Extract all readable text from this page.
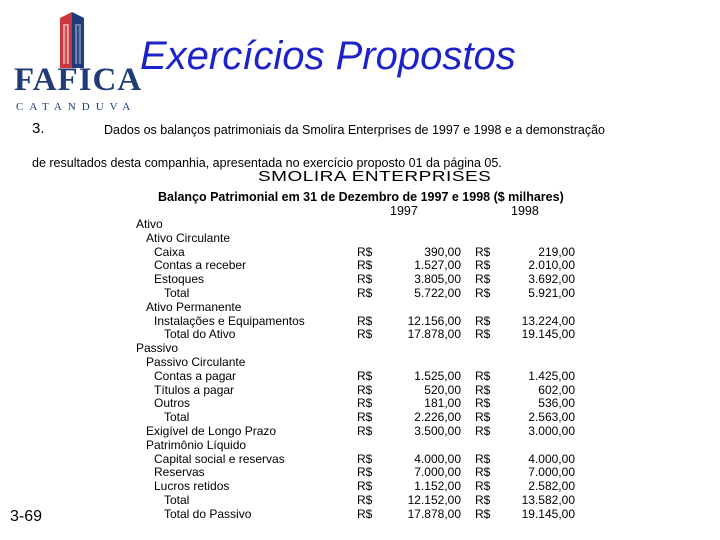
FAFICA
CATANDUVA
Exercícios Propostos
3.	Dados os balanços patrimoniais da Smolira Enterprises de 1997 e 1998 e a demonstração
de resultados desta companhia, apresentada no exercício proposto 01 da página 05.
SMOLIRA ENTERPRISES
Balanço Patrimonial em 31 de Dezembro de 1997 e 1998 ($ milhares)
1997	1998
Ativo
Ativo Circulante
Caixa	R$	390,00 R$	219,00
Contas a receber	R$	1.527,00 R$	2.010,00
Estoques	R$	3.805,00 R$	3.692,00
Total	R$	5.722,00 R$	5.921,00
Ativo Permanente
Instalações e Equipamentos	R$	12.156,00 R$	13.224,00
Total do Ativo	R$	17.878,00 R$	19.145,00
Passivo
Passivo Circulante
Contas a pagar	R$	1.525,00 R$	1.425,00
Títulos a pagar	R$	520,00 R$	602,00
Outros	R$	181,00 R$	536,00
Total	R$	2.226,00 R$	2.563,00
Exigível de Longo Prazo	R$	3.500,00 R$	3.000,00
Patrimônio Líquido
Capital social e reservas	R$	4.000,00 R$	4.000,00
Reservas	R$	7.000,00 R$	7.000,00
Lucros retidos	R$	1.152,00 R$	2.582,00
Total	R$	12.152,00 R$	13.582,00
Total do Passivo	R$	17.878,00 R$	19.145,00
3-69
